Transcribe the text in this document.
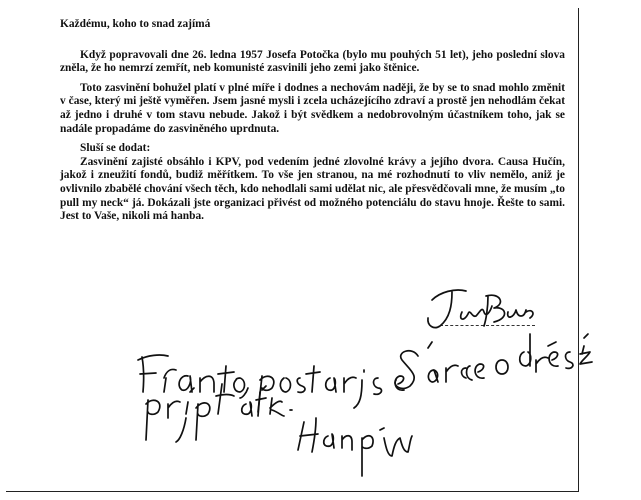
Každému, koho to snad zajímá

Když popravovali dne 26. ledna 1957 Josefa Potočka (bylo mu pouhých 51 let), jeho poslední slova zněla, že ho nemrzí zemřít, neb komunisté zasvinili jeho zemi jako štěnice.

Toto zasvinění bohužel platí v plné míře i dodnes a nechovám naději, že by se to snad mohlo změnit v čase, který mi ještě vyměřen. Jsem jasné mysli i zcela ucházejícího zdraví a prostě jen nehodlám čekat až jedno i druhé v tom stavu nebude. Jakož i být svědkem a nedobrovolným účastníkem toho, jak se nadále propadáme do zasviněného uprdnuta.

Sluší se dodat:

Zasvinění zajisté obsáhlo i KPV, pod vedením jedné zlovolné krávy a jejího dvora. Causa Hučín, jakož i zneužití fondů, budiž měřítkem. To vše jen stranou, na mé rozhodnutí to vliv nemělo, aniž je ovlivnilo zbabělé chování všech těch, kdo nehodlali sami udělat nic, ale přesvědčovali mne, že musím „to pull my neck“ já. Dokázali jste organizaci přivést od možného potenciálu do stavu hnoje. Řešte to sami. Jest to Vaše, nikoli má hanba.
